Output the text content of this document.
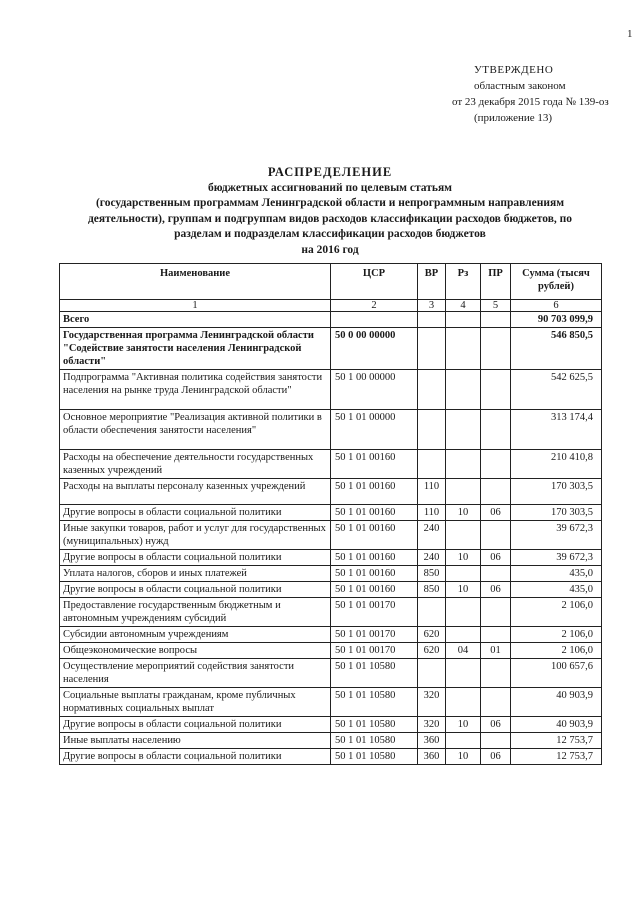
1
УТВЕРЖДЕНО
областным законом
от 23 декабря 2015 года № 139-оз
(приложение 13)
РАСПРЕДЕЛЕНИЕ
бюджетных ассигнований по целевым статьям
(государственным программам Ленинградской области и непрограммным направлениям
деятельности), группам и подгруппам видов расходов классификации расходов бюджетов, по
разделам и подразделам классификации расходов бюджетов
на 2016 год
Наименование	ЦСР	ВР	Рз	ПР	Сумма (тысяч рублей)
1	2	3	4	5	6
Всего					90 703 099,9
Государственная программа Ленинградской области "Содействие занятости населения Ленинградской области"	50 0 00 00000				546 850,5
Подпрограмма "Активная политика содействия занятости населения на рынке труда Ленинградской области"	50 1 00 00000				542 625,5
Основное мероприятие "Реализация активной политики в области обеспечения занятости населения"	50 1 01 00000				313 174,4
Расходы на обеспечение деятельности государственных казенных учреждений	50 1 01 00160				210 410,8
Расходы на выплаты персоналу казенных учреждений	50 1 01 00160	110			170 303,5
Другие вопросы в области социальной политики	50 1 01 00160	110	10	06	170 303,5
Иные закупки товаров, работ и услуг для государственных (муниципальных) нужд	50 1 01 00160	240			39 672,3
Другие вопросы в области социальной политики	50 1 01 00160	240	10	06	39 672,3
Уплата налогов, сборов и иных платежей	50 1 01 00160	850			435,0
Другие вопросы в области социальной политики	50 1 01 00160	850	10	06	435,0
Предоставление государственным бюджетным и автономным учреждениям субсидий	50 1 01 00170				2 106,0
Субсидии автономным учреждениям	50 1 01 00170	620			2 106,0
Общеэкономические вопросы	50 1 01 00170	620	04	01	2 106,0
Осуществление мероприятий содействия занятости населения	50 1 01 10580				100 657,6
Социальные выплаты гражданам, кроме публичных нормативных социальных выплат	50 1 01 10580	320			40 903,9
Другие вопросы в области социальной политики	50 1 01 10580	320	10	06	40 903,9
Иные выплаты населению	50 1 01 10580	360			12 753,7
Другие вопросы в области социальной политики	50 1 01 10580	360	10	06	12 753,7
